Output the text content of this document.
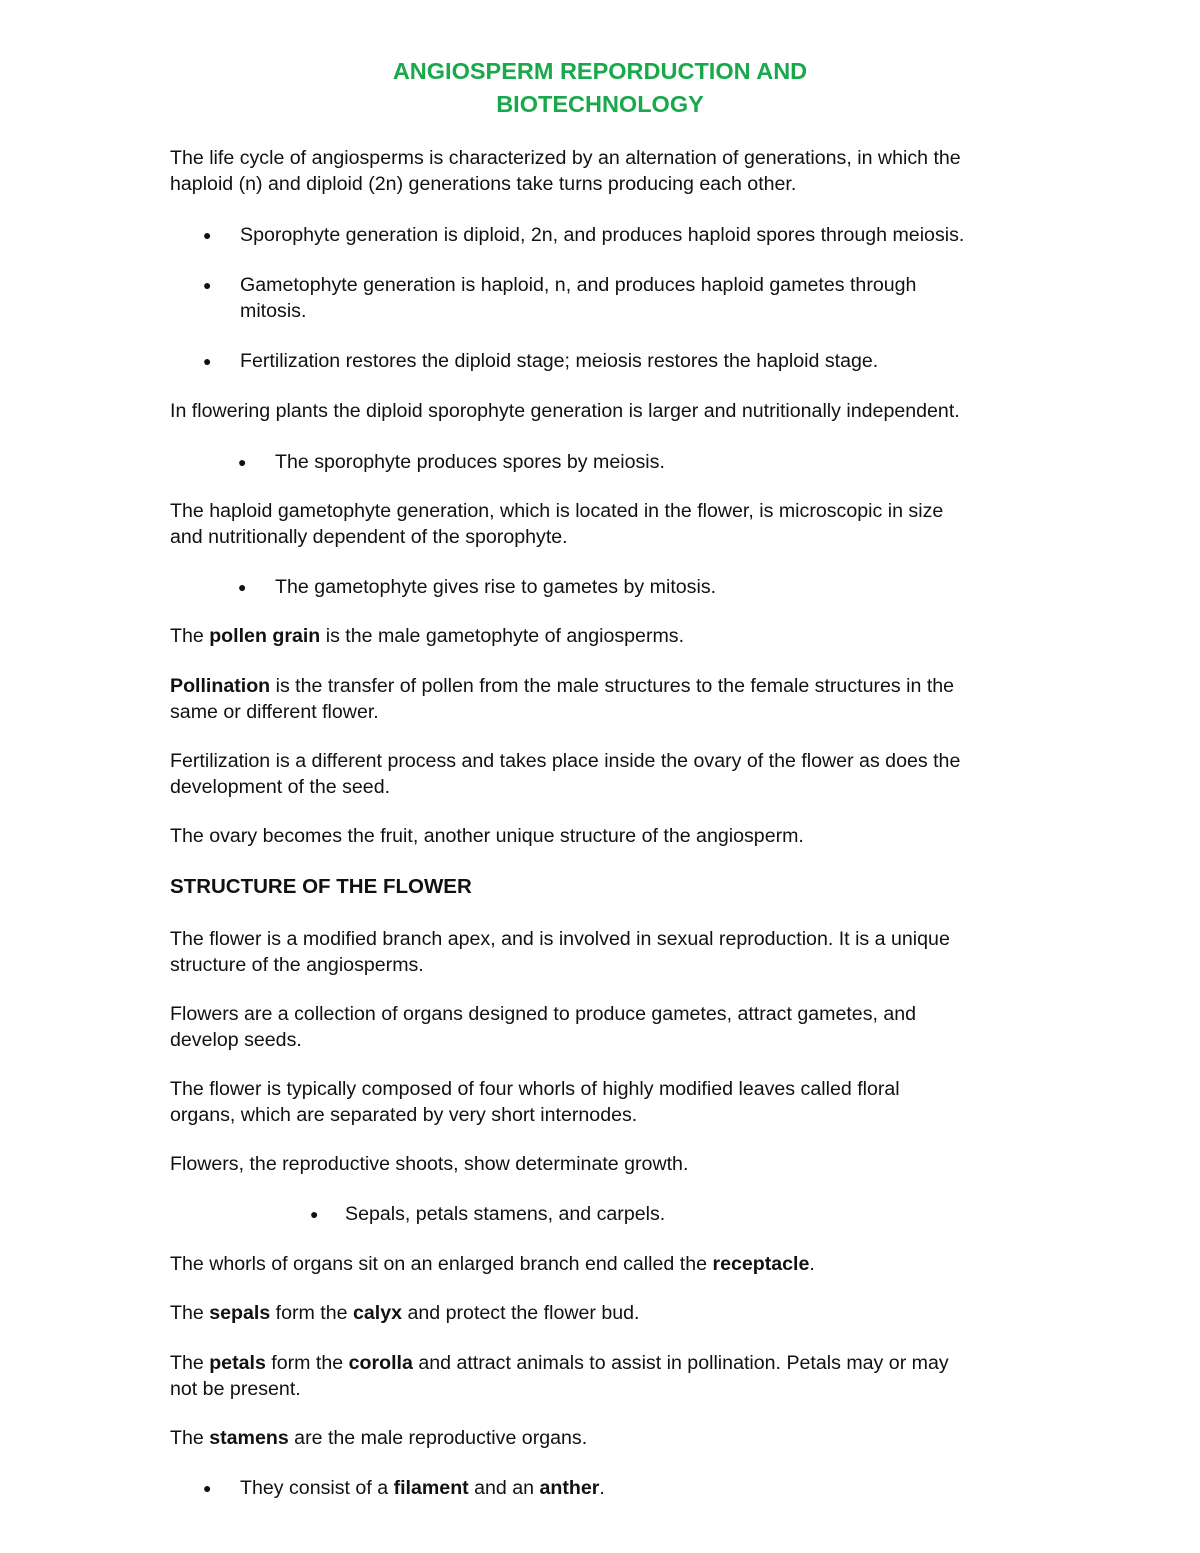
ANGIOSPERM REPORDUCTION AND
BIOTECHNOLOGY

The life cycle of angiosperms is characterized by an alternation of generations, in which the
haploid (n) and diploid (2n) generations take turns producing each other.

● Sporophyte generation is diploid, 2n, and produces haploid spores through meiosis.

● Gametophyte generation is haploid, n, and produces haploid gametes through
mitosis.

● Fertilization restores the diploid stage; meiosis restores the haploid stage.

In flowering plants the diploid sporophyte generation is larger and nutritionally independent.

● The sporophyte produces spores by meiosis.

The haploid gametophyte generation, which is located in the flower, is microscopic in size
and nutritionally dependent of the sporophyte.

● The gametophyte gives rise to gametes by mitosis.

The pollen grain is the male gametophyte of angiosperms.

Pollination is the transfer of pollen from the male structures to the female structures in the
same or different flower.

Fertilization is a different process and takes place inside the ovary of the flower as does the
development of the seed.

The ovary becomes the fruit, another unique structure of the angiosperm.

STRUCTURE OF THE FLOWER

The flower is a modified branch apex, and is involved in sexual reproduction. It is a unique
structure of the angiosperms.

Flowers are a collection of organs designed to produce gametes, attract gametes, and
develop seeds.

The flower is typically composed of four whorls of highly modified leaves called floral
organs, which are separated by very short internodes.

Flowers, the reproductive shoots, show determinate growth.

● Sepals, petals stamens, and carpels.

The whorls of organs sit on an enlarged branch end called the receptacle.

The sepals form the calyx and protect the flower bud.

The petals form the corolla and attract animals to assist in pollination. Petals may or may
not be present.

The stamens are the male reproductive organs.

● They consist of a filament and an anther.
